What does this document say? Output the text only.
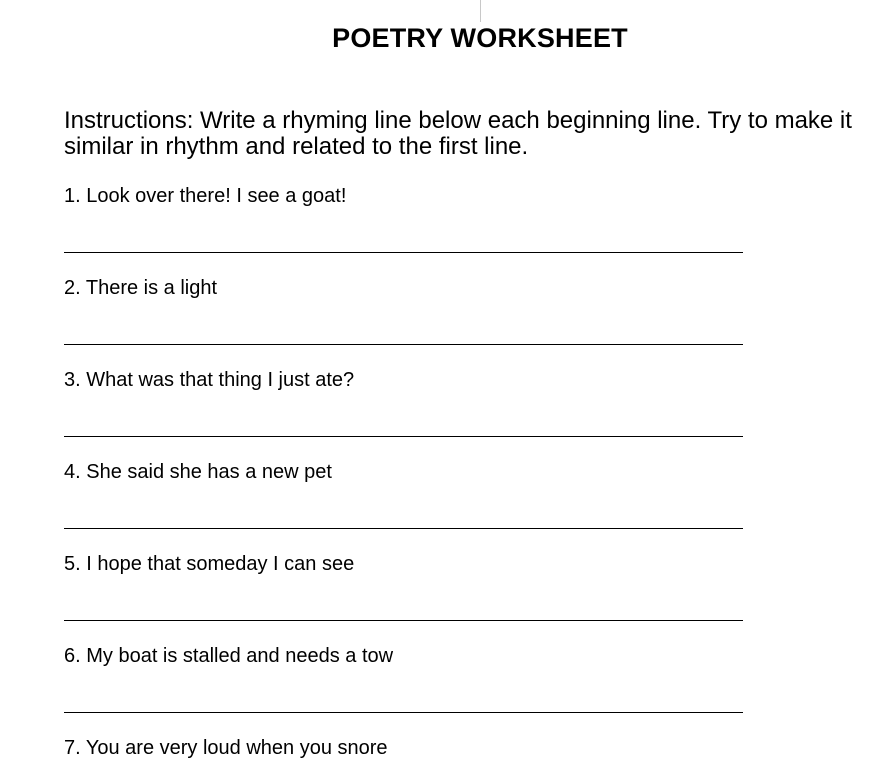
POETRY WORKSHEET
Instructions: Write a rhyming line below each beginning line. Try to make it similar in rhythm and related to the first line.
1. Look over there! I see a goat!
2. There is a light
3. What was that thing I just ate?
4. She said she has a new pet
5. I hope that someday I can see
6. My boat is stalled and needs a tow
7. You are very loud when you snore
